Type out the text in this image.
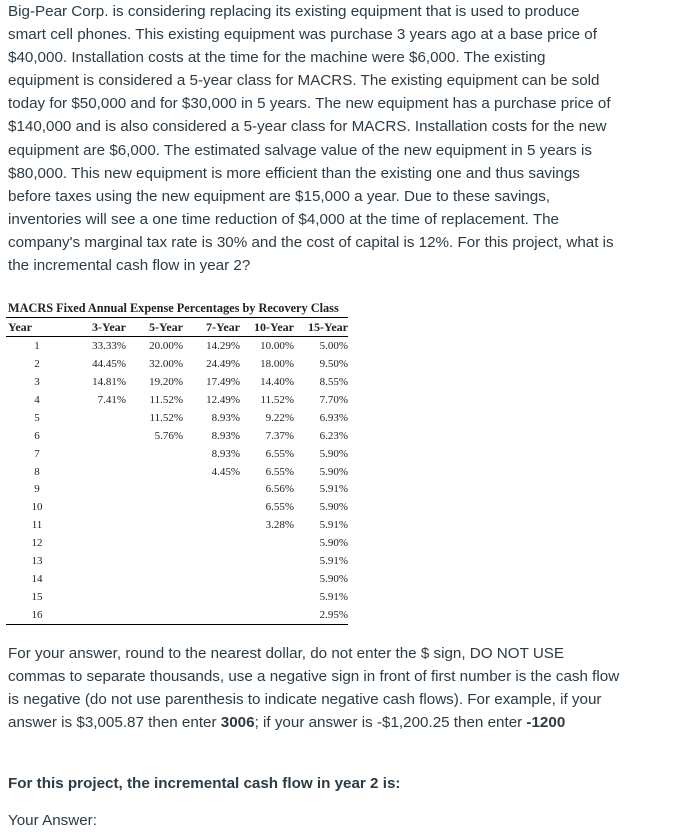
Big-Pear Corp. is considering replacing its existing equipment that is used to produce smart cell phones. This existing equipment was purchase 3 years ago at a base price of $40,000. Installation costs at the time for the machine were $6,000. The existing equipment is considered a 5-year class for MACRS. The existing equipment can be sold today for $50,000 and for $30,000 in 5 years. The new equipment has a purchase price of $140,000 and is also considered a 5-year class for MACRS. Installation costs for the new equipment are $6,000. The estimated salvage value of the new equipment in 5 years is $80,000. This new equipment is more efficient than the existing one and thus savings before taxes using the new equipment are $15,000 a year. Due to these savings, inventories will see a one time reduction of $4,000 at the time of replacement. The company's marginal tax rate is 30% and the cost of capital is 12%. For this project, what is the incremental cash flow in year 2?
MACRS Fixed Annual Expense Percentages by Recovery Class
Year	3-Year	5-Year	7-Year	10-Year	15-Year
1	33.33%	20.00%	14.29%	10.00%	5.00%
2	44.45%	32.00%	24.49%	18.00%	9.50%
3	14.81%	19.20%	17.49%	14.40%	8.55%
4	7.41%	11.52%	12.49%	11.52%	7.70%
5		11.52%	8.93%	9.22%	6.93%
6		5.76%	8.93%	7.37%	6.23%
7			8.93%	6.55%	5.90%
8			4.45%	6.55%	5.90%
9				6.56%	5.91%
10				6.55%	5.90%
11				3.28%	5.91%
12					5.90%
13					5.91%
14					5.90%
15					5.91%
16					2.95%
For your answer, round to the nearest dollar, do not enter the $ sign, DO NOT USE commas to separate thousands, use a negative sign in front of first number is the cash flow is negative (do not use parenthesis to indicate negative cash flows). For example, if your answer is $3,005.87 then enter 3006; if your answer is -$1,200.25 then enter -1200
For this project, the incremental cash flow in year 2 is:
Your Answer:
